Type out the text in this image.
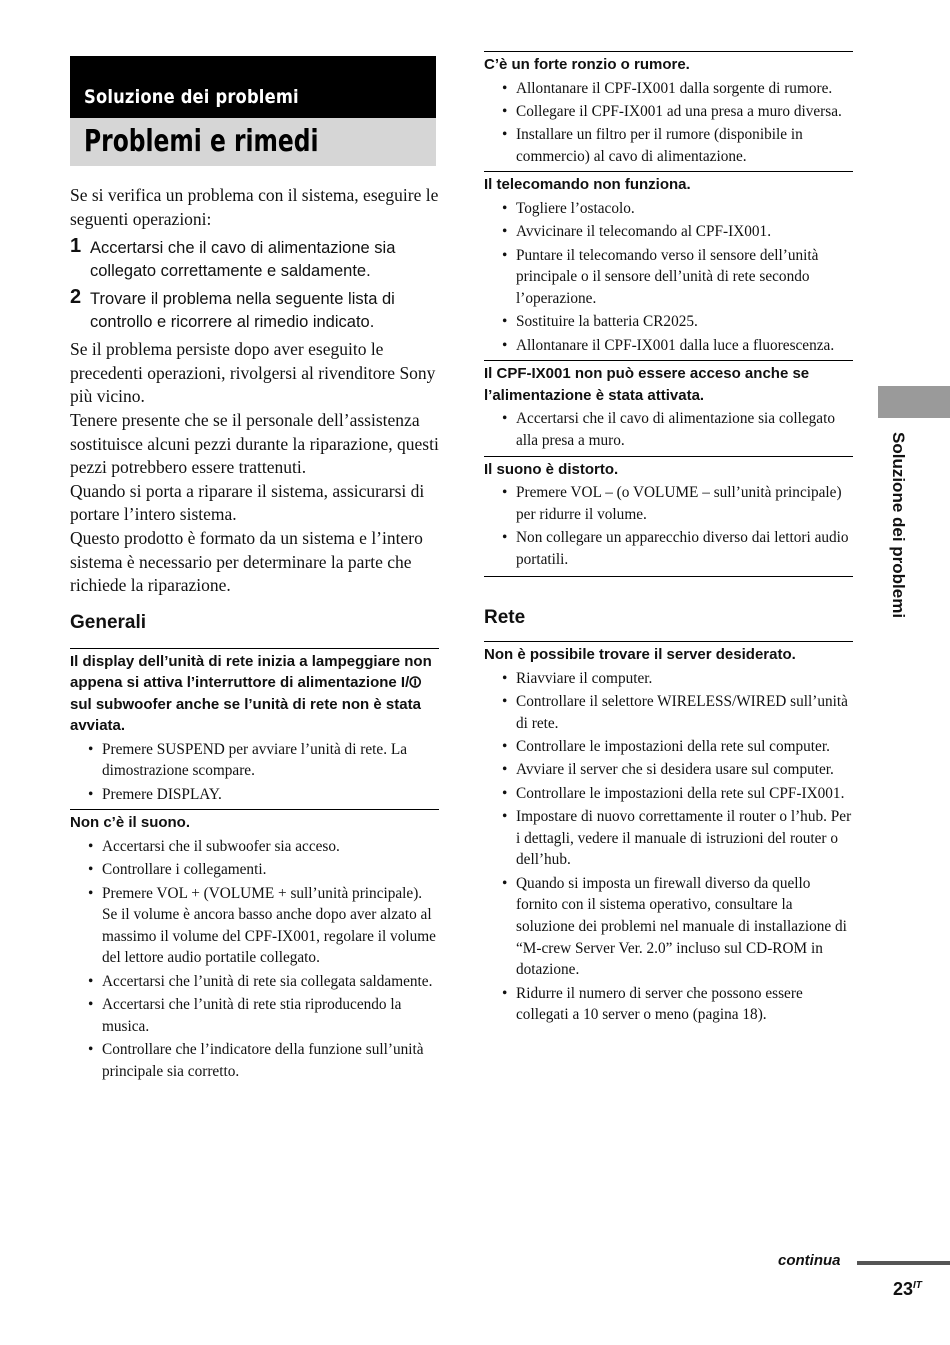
Soluzione dei problemi
Problemi e rimedi

Se si verifica un problema con il sistema, eseguire le seguenti operazioni:

1 Accertarsi che il cavo di alimentazione sia collegato correttamente e saldamente.
2 Trovare il problema nella seguente lista di controllo e ricorrere al rimedio indicato.

Se il problema persiste dopo aver eseguito le precedenti operazioni, rivolgersi al rivenditore Sony più vicino.

Tenere presente che se il personale dell’assistenza sostituisce alcuni pezzi durante la riparazione, questi pezzi potrebbero essere trattenuti.

Quando si porta a riparare il sistema, assicurarsi di portare l’intero sistema.

Questo prodotto è formato da un sistema e l’intero sistema è necessario per determinare la parte che richiede la riparazione.

Generali

Il display dell’unità di rete inizia a lampeggiare non appena si attiva l’interruttore di alimentazione I/⏼ sul subwoofer anche se l’unità di rete non è stata avviata.

• Premere SUSPEND per avviare l’unità di rete. La dimostrazione scompare.
• Premere DISPLAY.

Non c’è il suono.

• Accertarsi che il subwoofer sia acceso.
• Controllare i collegamenti.
• Premere VOL + (VOLUME + sull’unità principale). Se il volume è ancora basso anche dopo aver alzato al massimo il volume del CPF-IX001, regolare il volume del lettore audio portatile collegato.
• Accertarsi che l’unità di rete sia collegata saldamente.
• Accertarsi che l’unità di rete stia riproducendo la musica.
• Controllare che l’indicatore della funzione sull’unità principale sia corretto.

C’è un forte ronzio o rumore.

• Allontanare il CPF-IX001 dalla sorgente di rumore.
• Collegare il CPF-IX001 ad una presa a muro diversa.
• Installare un filtro per il rumore (disponibile in commercio) al cavo di alimentazione.

Il telecomando non funziona.

• Togliere l’ostacolo.
• Avvicinare il telecomando al CPF-IX001.
• Puntare il telecomando verso il sensore dell’unità principale o il sensore dell’unità di rete secondo l’operazione.
• Sostituire la batteria CR2025.
• Allontanare il CPF-IX001 dalla luce a fluorescenza.

Il CPF-IX001 non può essere acceso anche se l’alimentazione è stata attivata.

• Accertarsi che il cavo di alimentazione sia collegato alla presa a muro.

Il suono è distorto.

• Premere VOL – (o VOLUME – sull’unità principale) per ridurre il volume.
• Non collegare un apparecchio diverso dai lettori audio portatili.
Rete

Non è possibile trovare il server desiderato.

• Riavviare il computer.
• Controllare il selettore WIRELESS/WIRED sull’unità di rete.
• Controllare le impostazioni della rete sul computer.
• Avviare il server che si desidera usare sul computer.
• Controllare le impostazioni della rete sul CPF-IX001.
• Impostare di nuovo correttamente il router o l’hub. Per i dettagli, vedere il manuale di istruzioni del router o dell’hub.
• Quando si imposta un firewall diverso da quello fornito con il sistema operativo, consultare la soluzione dei problemi nel manuale di installazione di “M-crew Server Ver. 2.0” incluso sul CD-ROM in dotazione.
• Ridurre il numero di server che possono essere collegati a 10 server o meno (pagina 18).
Soluzione dei problemi
continua
$23^{IT}$
